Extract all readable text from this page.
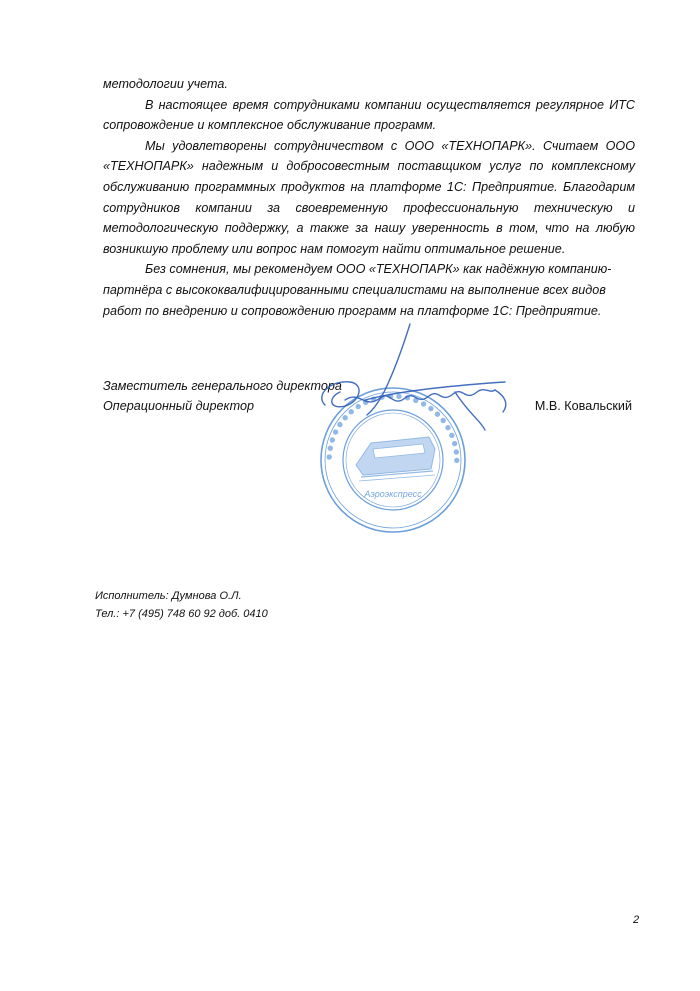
методологии учета.

В настоящее время сотрудниками компании осуществляется регулярное ИТС сопровождение и комплексное обслуживание программ.

Мы удовлетворены сотрудничеством с ООО «ТЕХНОПАРК». Считаем ООО «ТЕХНОПАРК» надежным и добросовестным поставщиком услуг по комплексному обслуживанию программных продуктов на платформе 1С: Предприятие. Благодарим сотрудников компании за своевременную профессиональную техническую и методологическую поддержку, а также за нашу уверенность в том, что на любую возникшую проблему или вопрос нам помогут найти оптимальное решение.

Без сомнения, мы рекомендуем ООО «ТЕХНОПАРК» как надёжную компанию-партнёра с высококвалифицированными специалистами на выполнение всех видов работ по внедрению и сопровождению программ на платформе 1С: Предприятие.

Заместитель генерального директора
Операционный директор	М.В. Ковальский
● ● ● ● ● ● ● ● ● ● ● ● ● ● ● ● ● ● ● ● ● ● ● ●
Аэроэкспресс
Исполнитель: Думнова О.Л.
Тел.: +7 (495) 748 60 92 доб. 0410
2
